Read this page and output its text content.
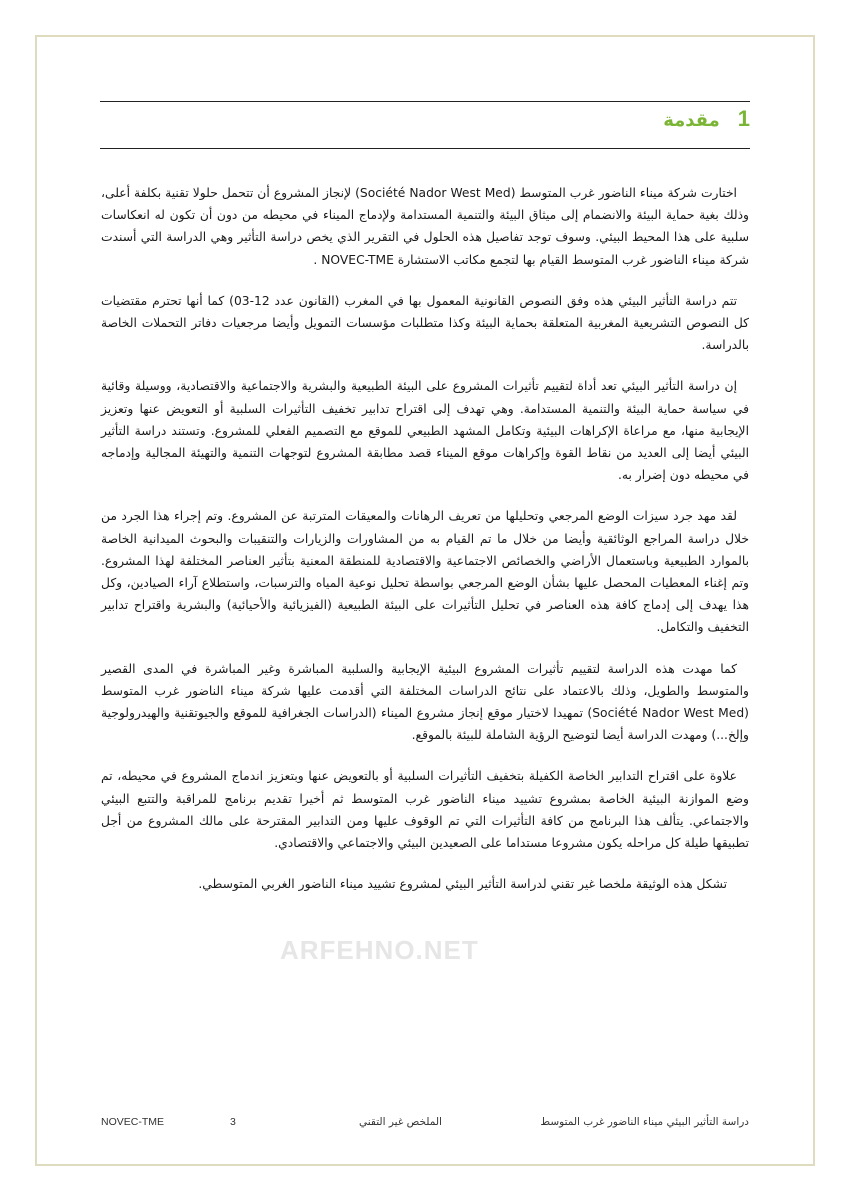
1
مقدمة

اختارت شركة ميناء الناضور غرب المتوسط (Société Nador West Med) لإنجاز المشروع أن تتحمل حلولا تقنية بكلفة أعلى، وذلك بغية حماية البيئة والانضمام إلى ميثاق البيئة والتنمية المستدامة ولإدماج الميناء في محيطه من دون أن تكون له انعكاسات سلبية على هذا المحيط البيئي. وسوف توجد تفاصيل هذه الحلول في التقرير الذي يخص دراسة التأثير وهي الدراسة التي أسندت شركة ميناء الناضور غرب المتوسط القيام بها لتجمع مكاتب الاستشارة NOVEC-TME .

تتم دراسة التأثير البيئي هذه وفق النصوص القانونية المعمول بها في المغرب (القانون عدد 12-03) كما أنها تحترم مقتضيات كل النصوص التشريعية المغربية المتعلقة بحماية البيئة وكذا متطلبات مؤسسات التمويل وأيضا مرجعيات دفاتر التحملات الخاصة بالدراسة.

إن دراسة التأثير البيئي تعد أداة لتقييم تأثيرات المشروع على البيئة الطبيعية والبشرية والاجتماعية والاقتصادية، ووسيلة وقائية في سياسة حماية البيئة والتنمية المستدامة. وهي تهدف إلى اقتراح تدابير تخفيف التأثيرات السلبية أو التعويض عنها وتعزيز الإيجابية منها، مع مراعاة الإكراهات البيئية وتكامل المشهد الطبيعي للموقع مع التصميم الفعلي للمشروع. وتستند دراسة التأثير البيئي أيضا إلى العديد من نقاط القوة وإكراهات موقع الميناء قصد مطابقة المشروع لتوجهات التنمية والتهيئة المجالية وإدماجه في محيطه دون إضرار به.

لقد مهد جرد سيزات الوضع المرجعي وتحليلها من تعريف الرهانات والمعيقات المترتبة عن المشروع. وتم إجراء هذا الجرد من خلال دراسة المراجع الوثائقية وأيضا من خلال ما تم القيام به من المشاورات والزيارات والتنقيبات والبحوث الميدانية الخاصة بالموارد الطبيعية وباستعمال الأراضي والخصائص الاجتماعية والاقتصادية للمنطقة المعنية بتأثير العناصر المختلفة لهذا المشروع. وتم إغناء المعطيات المحصل عليها بشأن الوضع المرجعي بواسطة تحليل نوعية المياه والترسبات، واستطلاع آراء الصيادين، وكل هذا يهدف إلى إدماج كافة هذه العناصر في تحليل التأثيرات على البيئة الطبيعية (الفيزيائية والأحيائية) والبشرية واقتراح تدابير التخفيف والتكامل.

كما مهدت هذه الدراسة لتقييم تأثيرات المشروع البيئية الإيجابية والسلبية المباشرة وغير المباشرة في المدى القصير والمتوسط والطويل، وذلك بالاعتماد على نتائج الدراسات المختلفة التي أقدمت عليها شركة ميناء الناضور غرب المتوسط (Société Nador West Med) تمهيدا لاختيار موقع إنجاز مشروع الميناء (الدراسات الجغرافية للموقع والجيوتقنية والهيدرولوجية وإلخ...) ومهدت الدراسة أيضا لتوضيح الرؤية الشاملة للبيئة بالموقع.

علاوة على اقتراح التدابير الخاصة الكفيلة بتخفيف التأثيرات السلبية أو بالتعويض عنها وبتعزيز اندماج المشروع في محيطه، تم وضع الموازنة البيئية الخاصة بمشروع تشييد ميناء الناضور غرب المتوسط ثم أخيرا تقديم برنامج للمراقبة والتتبع البيئي والاجتماعي. يتألف هذا البرنامج من كافة التأثيرات التي تم الوقوف عليها ومن التدابير المقترحة على مالك المشروع من أجل تطبيقها طيلة كل مراحله يكون مشروعا مستداما على الصعيدين البيئي والاجتماعي والاقتصادي.

تشكل هذه الوثيقة ملخصا غير تقني لدراسة التأثير البيئي لمشروع تشييد ميناء الناضور الغربي المتوسطي.

ARFEHNO.NET
NOVEC-TME	3	الملخص غير التقني	دراسة التأثير البيئي ميناء الناضور غرب المتوسط
